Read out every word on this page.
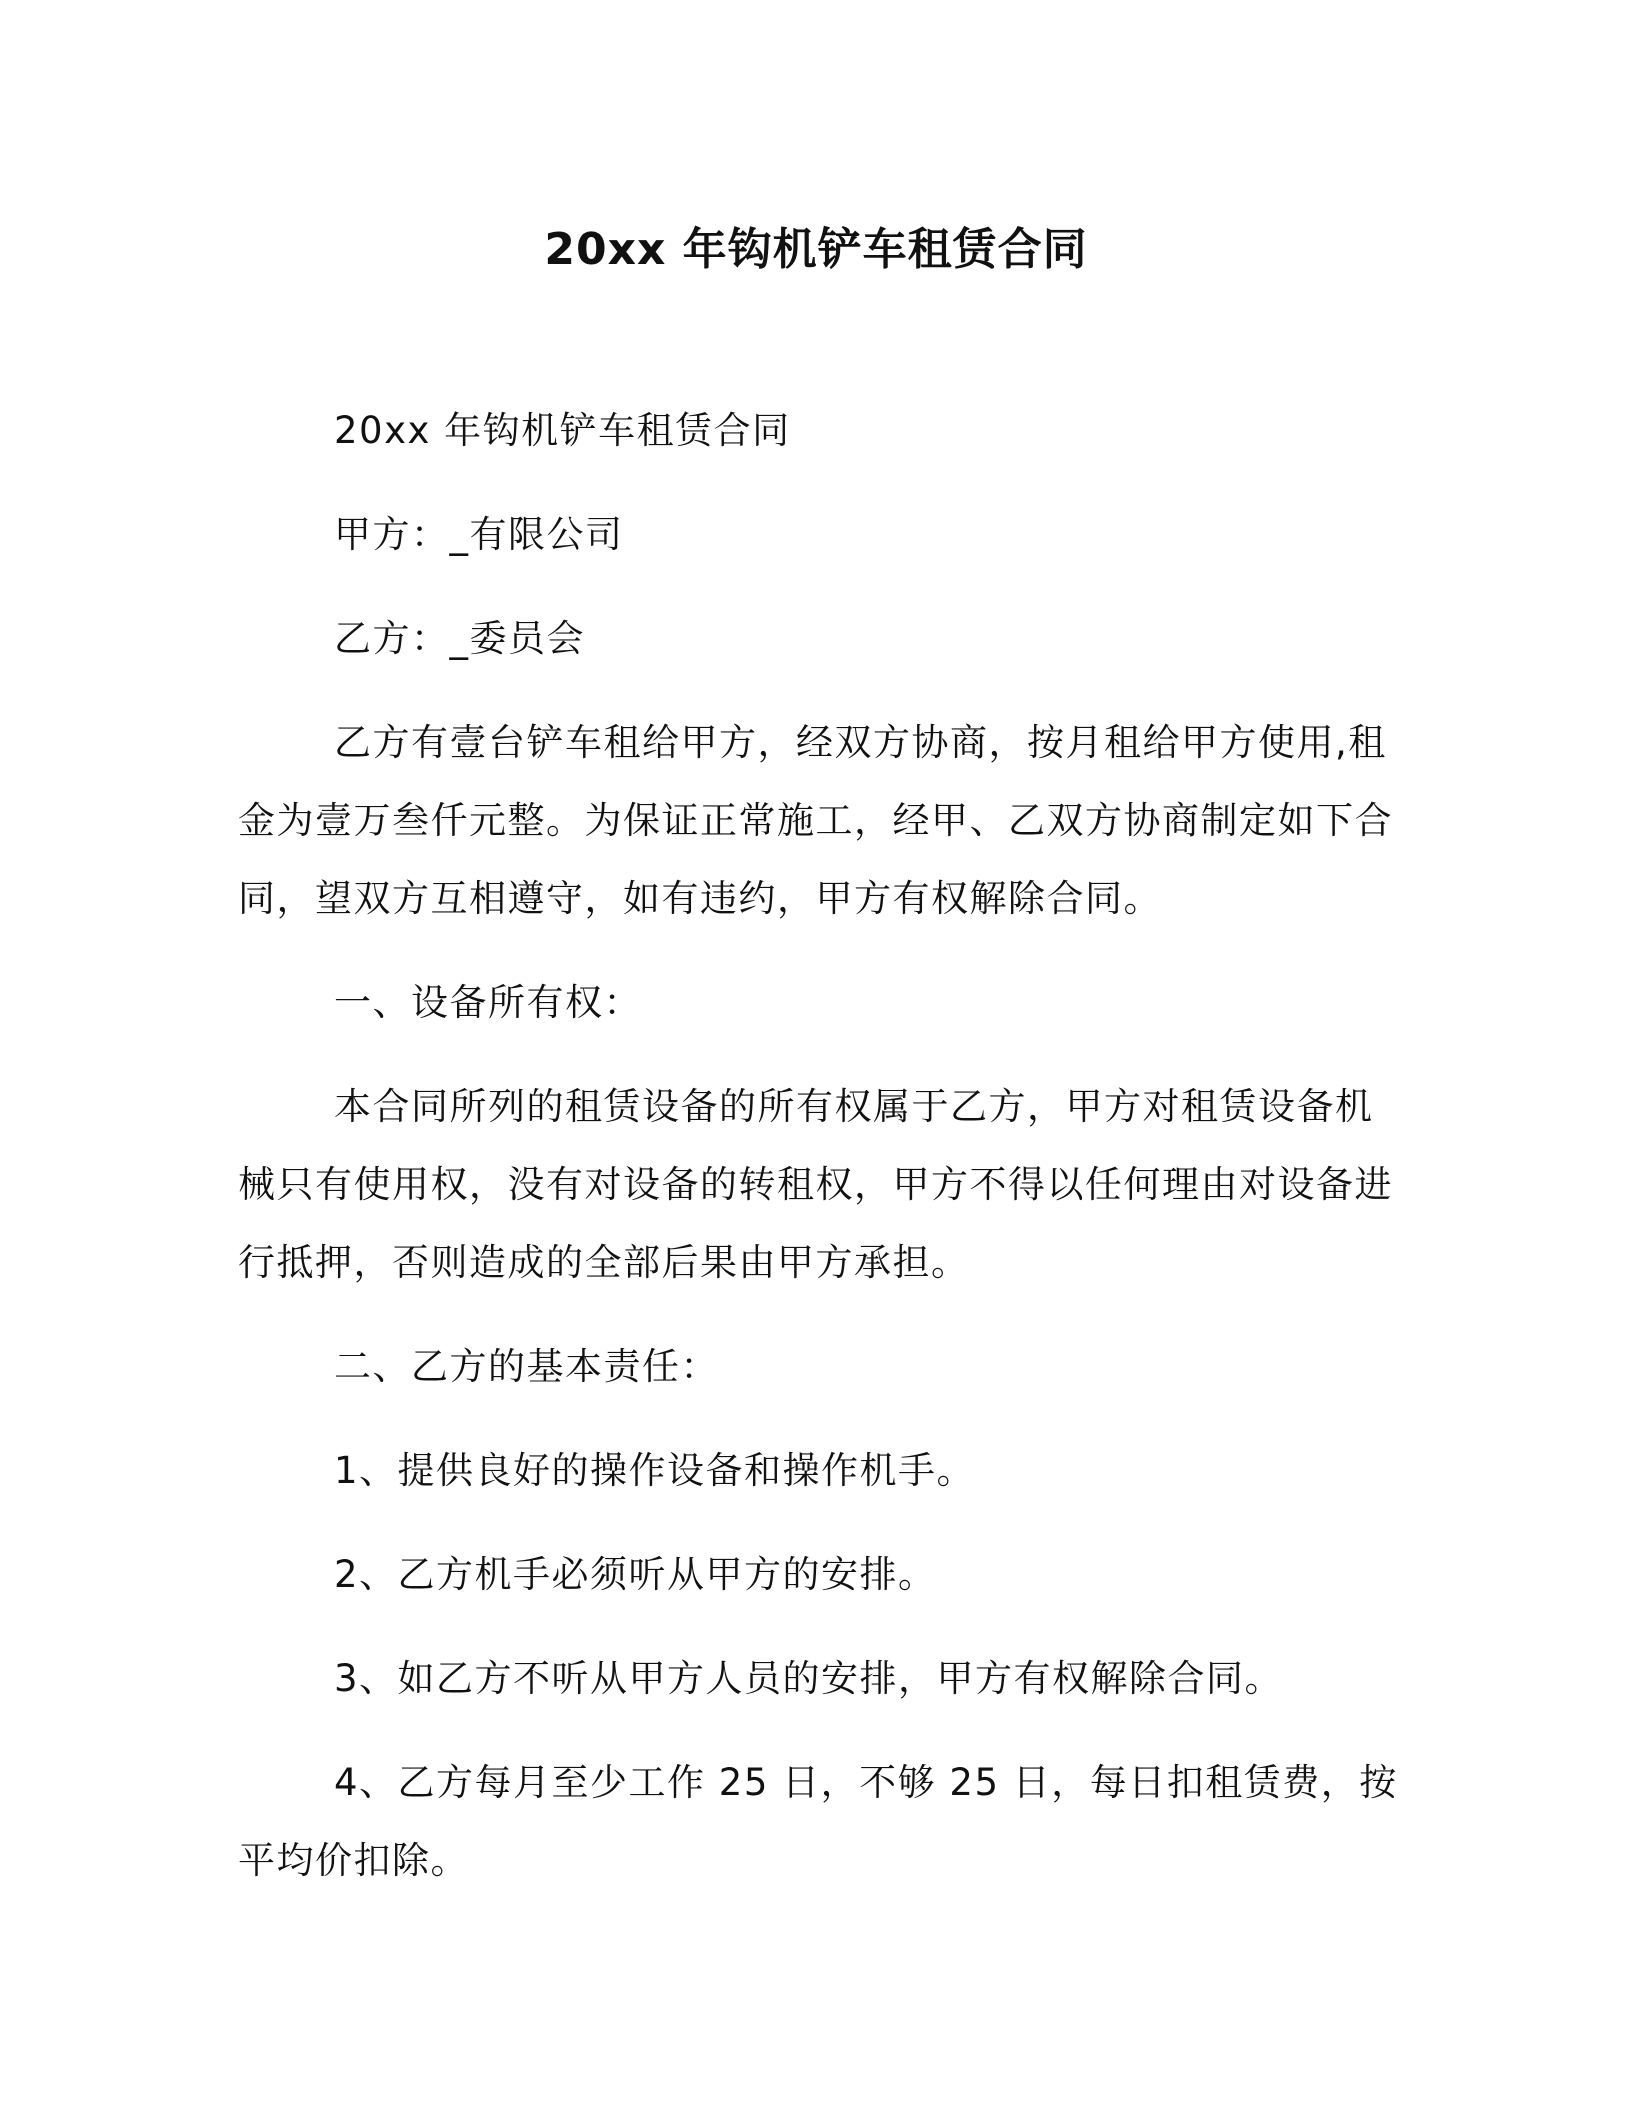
20xx 年钩机铲车租赁合同

20xx 年钩机铲车租赁合同

甲方：_有限公司

乙方：_委员会

乙方有壹台铲车租给甲方，经双方协商，按月租给甲方使用,租金为壹万叁仟元整。为保证正常施工，经甲、乙双方协商制定如下合同，望双方互相遵守，如有违约，甲方有权解除合同。

一、设备所有权：

本合同所列的租赁设备的所有权属于乙方，甲方对租赁设备机械只有使用权，没有对设备的转租权，甲方不得以任何理由对设备进行抵押，否则造成的全部后果由甲方承担。

二、乙方的基本责任：

1、提供良好的操作设备和操作机手。

2、乙方机手必须听从甲方的安排。

3、如乙方不听从甲方人员的安排，甲方有权解除合同。

4、乙方每月至少工作 25 日，不够 25 日，每日扣租赁费，按平均价扣除。
